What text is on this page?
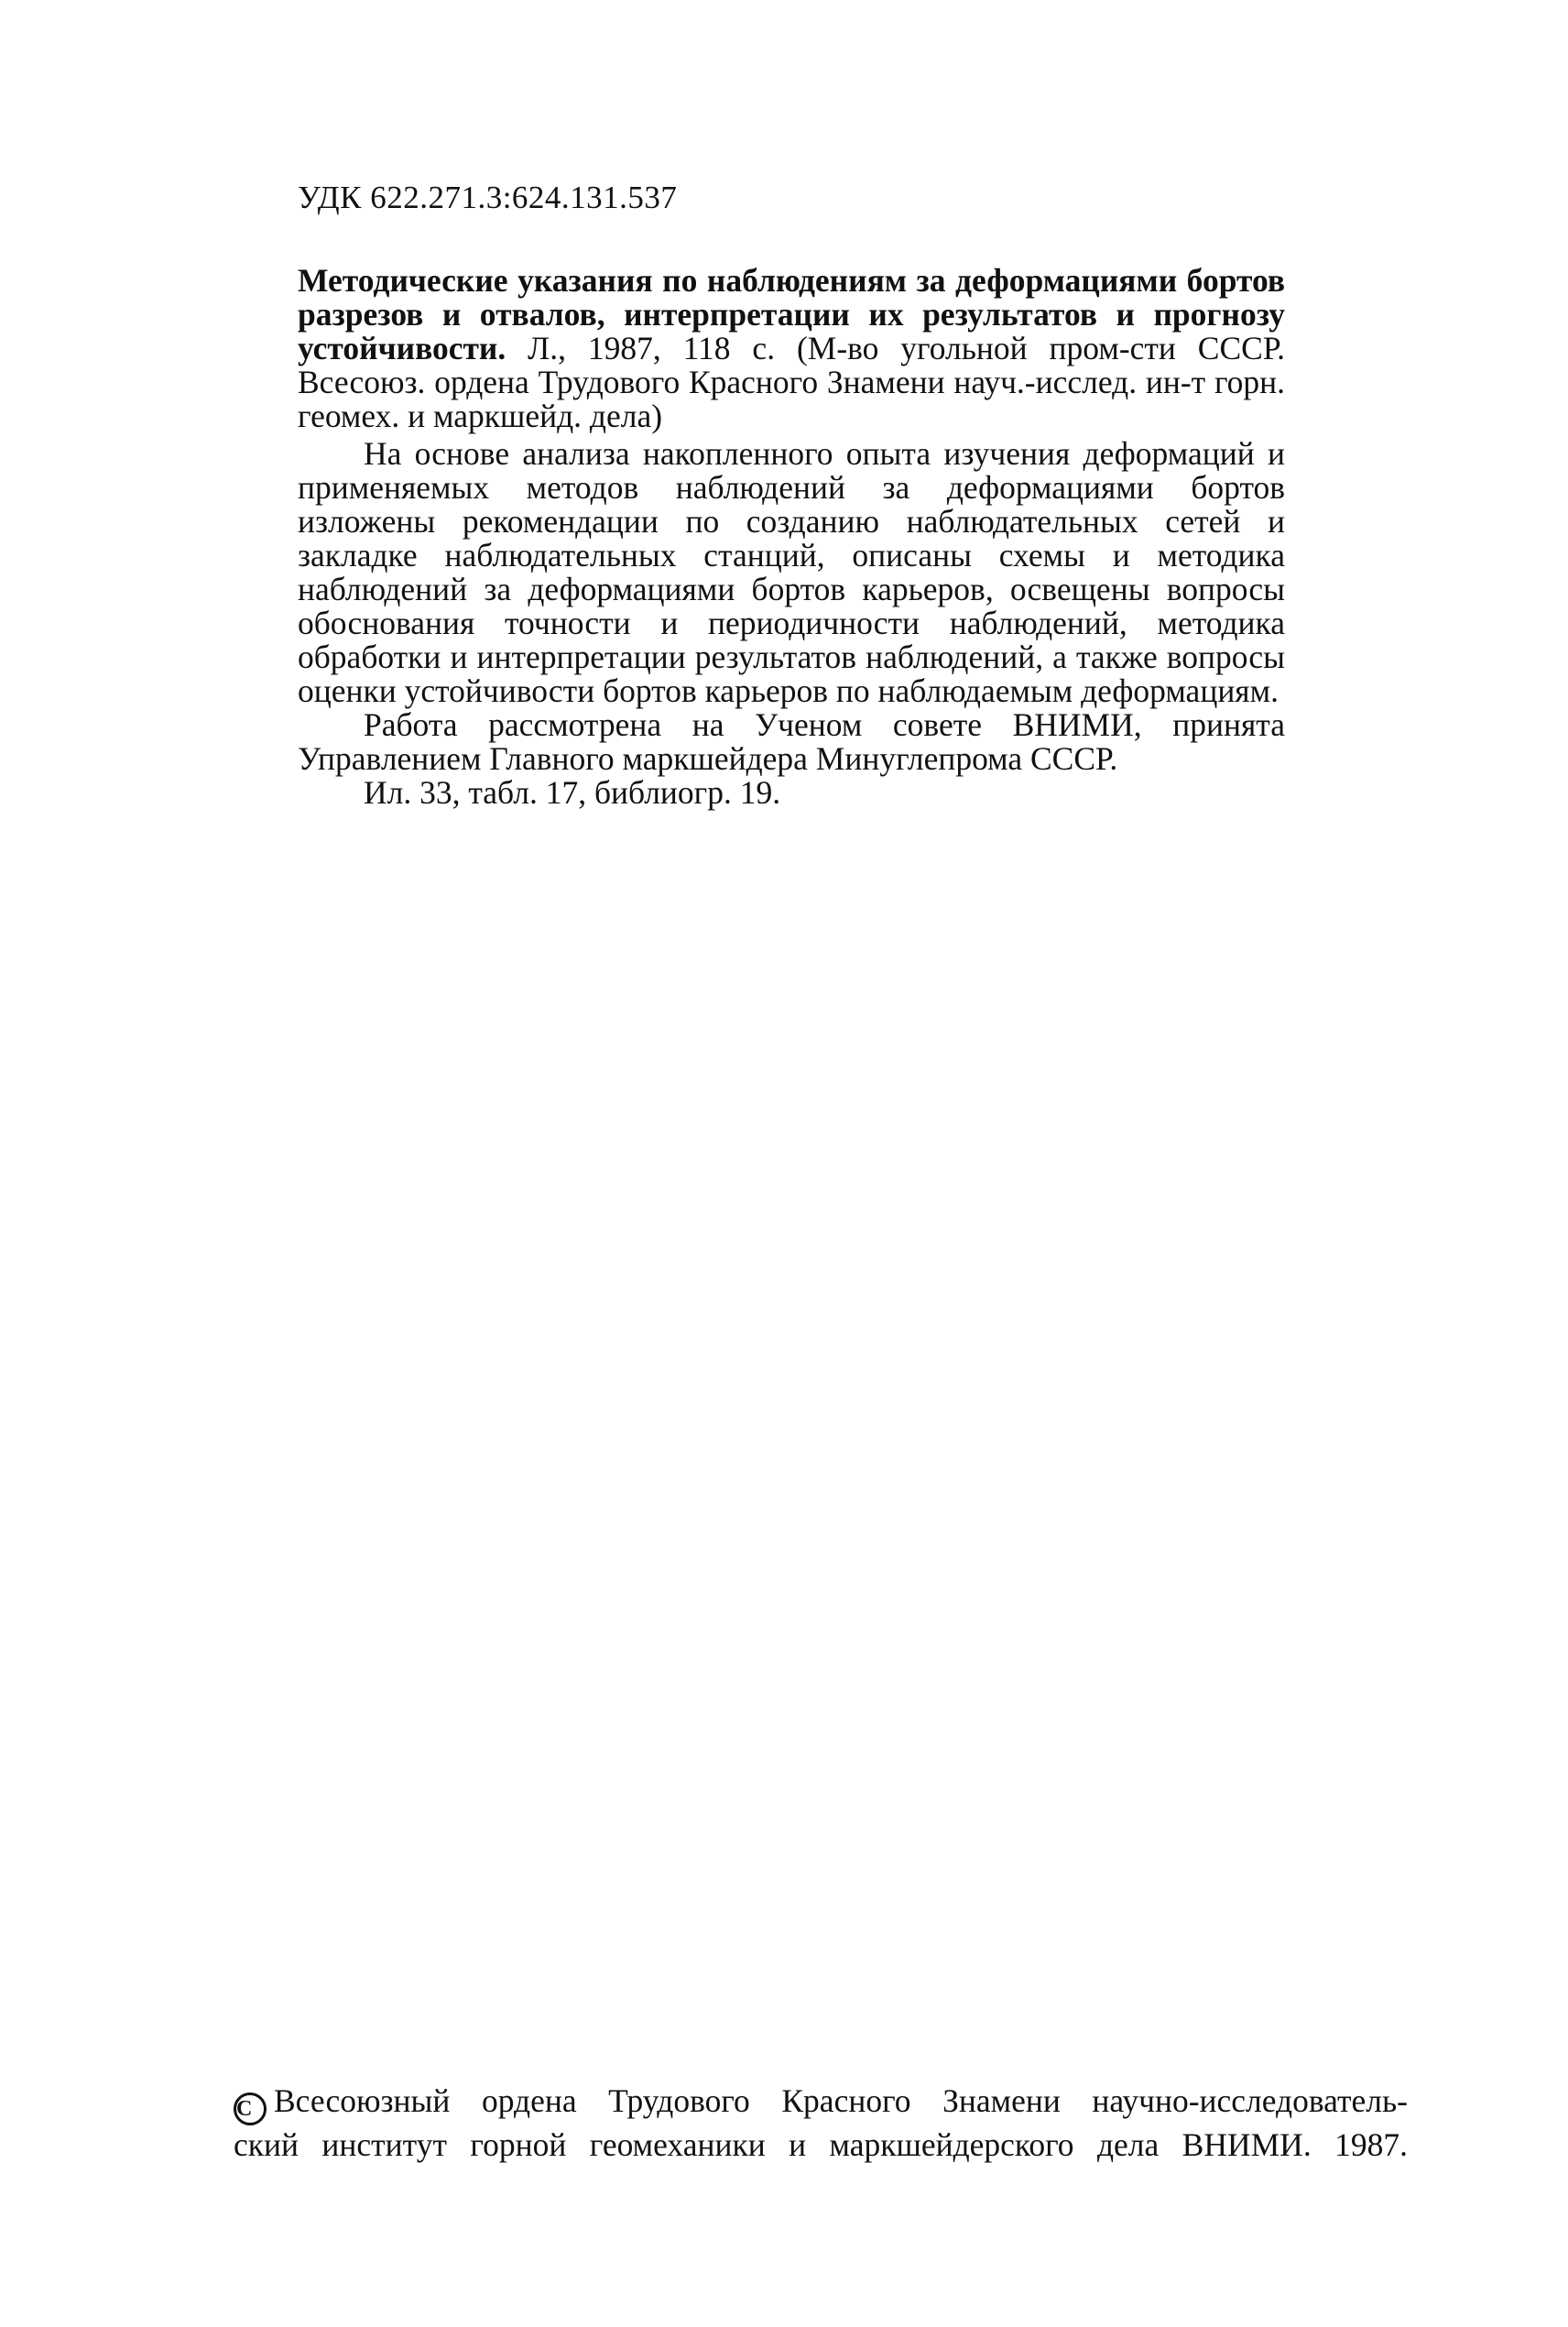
УДК 622.271.3:624.131.537
Методические указания по наблюдениям за деформациями бортов разрезов и отвалов, интерпретации их результатов и прогнозу устойчивости. Л., 1987, 118 с. (М-во угольной пром-сти СССР. Всесоюз. ордена Трудового Красного Знамени науч.-исслед. ин-т горн. геомех. и маркшейд. дела)

На основе анализа накопленного опыта изучения деформаций и применяемых методов наблюдений за деформациями бортов изложены рекомендации по созданию наблюдательных сетей и закладке наблюдательных станций, описаны схемы и методика наблюдений за деформациями бортов карьеров, освещены вопросы обоснования точности и периодичности наблюдений, методика обработки и интерпретации результатов наблюдений, а также вопросы оценки устойчивости бортов карьеров по наблюдаемым деформациям.

Работа рассмотрена на Ученом совете ВНИМИ, принята Управлением Главного маркшейдера Минуглепрома СССР.

Ил. 33, табл. 17, библиогр. 19.

C Всесоюзный ордена Трудового Красного Знамени научно-исследователь-
ский институт горной геомеханики и маркшейдерского дела ВНИМИ. 1987.
